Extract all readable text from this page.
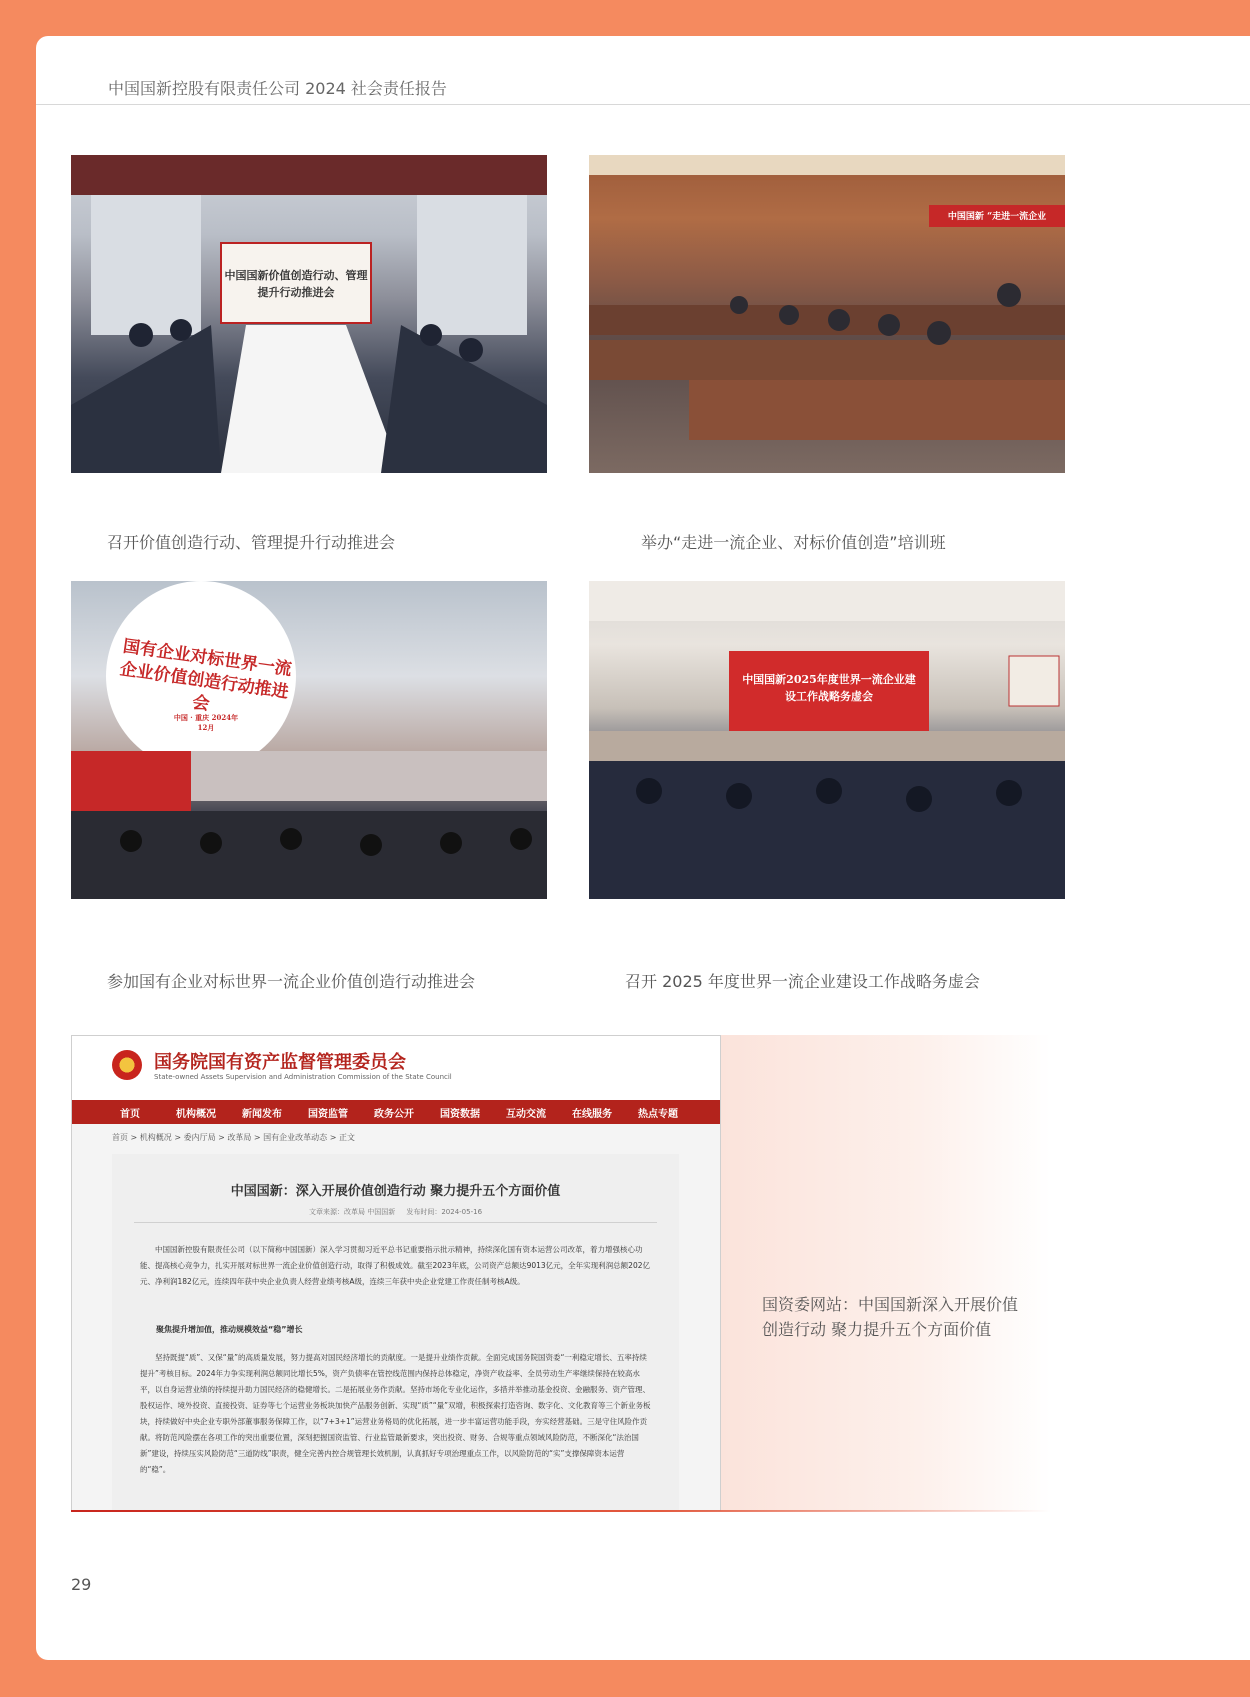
中国国新控股有限责任公司 2024 社会责任报告
中国国新价值创造行动、管理提升行动推进会
召开价值创造行动、管理提升行动推进会
中国国新 “走进一流企业
举办“走进一流企业、对标价值创造”培训班
国有企业对标世界一流企业价值创造行动推进会
中国 · 重庆 2024年12月
参加国有企业对标世界一流企业价值创造行动推进会
中国国新2025年度世界一流企业建设工作战略务虚会
召开 2025 年度世界一流企业建设工作战略务虚会
国务院国有资产监督管理委员会
State-owned Assets Supervision and Administration Commission of the State Council
首页	机构概况	新闻发布	国资监管	政务公开	国资数据	互动交流	在线服务	热点专题
首页 > 机构概况 > 委内厅局 > 改革局 > 国有企业改革动态 > 正文
中国国新：深入开展价值创造行动 聚力提升五个方面价值
文章来源：改革局 中国国新 发布时间：2024-05-16
中国国新控股有限责任公司（以下简称中国国新）深入学习贯彻习近平总书记重要指示批示精神，持续深化国有资本运营公司改革，着力增强核心功能、提高核心竞争力，扎实开展对标世界一流企业价值创造行动，取得了积极成效。截至2023年底，公司资产总额达9013亿元，全年实现利润总额202亿元、净利润182亿元，连续四年获中央企业负责人经营业绩考核A级，连续三年获中央企业党建工作责任制考核A级。
聚焦提升增加值，推动规模效益“稳”增长
坚持既提“质”、又保“量”的高质量发展，努力提高对国民经济增长的贡献度。一是提升业绩作贡献。全面完成国务院国资委“一利稳定增长、五率持续提升”考核目标。2024年力争实现利润总额同比增长5%，资产负债率在管控线范围内保持总体稳定，净资产收益率、全员劳动生产率继续保持在较高水平，以自身运营业绩的持续提升助力国民经济的稳健增长。二是拓展业务作贡献。坚持市场化专业化运作，多措并举推动基金投资、金融服务、资产管理、股权运作、境外投资、直接投资、证券等七个运营业务板块加快产品服务创新、实现“质”“量”双增，积极探索打造咨询、数字化、文化教育等三个新业务板块，持续做好中央企业专职外部董事服务保障工作，以“7+3+1”运营业务格局的优化拓展，进一步丰富运营功能手段，夯实经营基础。三是守住风险作贡献。将防范风险摆在各项工作的突出重要位置，深刻把握国资监管、行业监管最新要求，突出投资、财务、合规等重点领域风险防范，不断深化“法治国新”建设，持续压实风险防范“三道防线”职责，健全完善内控合规管理长效机制，认真抓好专项治理重点工作，以风险防范的“实”支撑保障资本运营的“稳”。
国资委网站：中国国新深入开展价值创造行动 聚力提升五个方面价值
29
